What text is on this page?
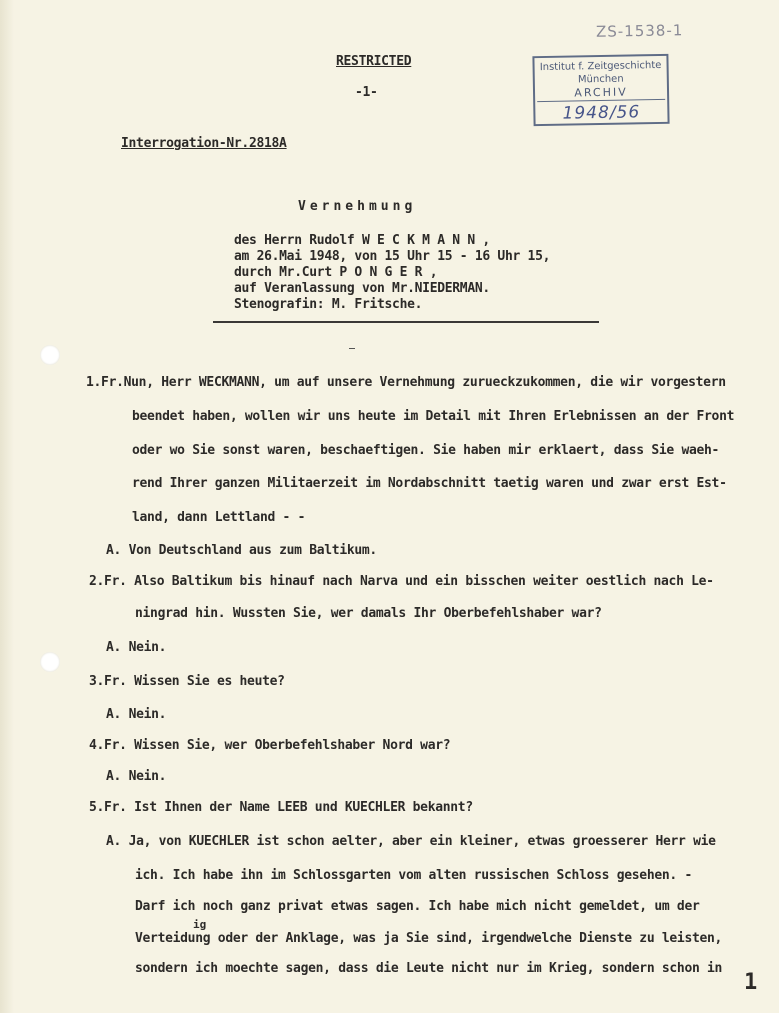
ZS-1538-1
Institut f. Zeitgeschichte
München
ARCHIV
1948/56
RESTRICTED
-1-
Interrogation-Nr.2818A
Vernehmung
des Herrn Rudolf W E C K M A N N ,
am 26.Mai 1948, von 15 Uhr 15 - 16 Uhr 15,
durch Mr.Curt P O N G E R ,
auf Veranlassung von Mr.NIEDERMAN.
Stenografin: M. Fritsche.
1.Fr.Nun, Herr WECKMANN, um auf unsere Vernehmung zurueckzukommen, die wir vorgestern
beendet haben, wollen wir uns heute im Detail mit Ihren Erlebnissen an der Front
oder wo Sie sonst waren, beschaeftigen. Sie haben mir erklaert, dass Sie waeh-
rend Ihrer ganzen Militaerzeit im Nordabschnitt taetig waren und zwar erst Est-
land, dann Lettland - -
A. Von Deutschland aus zum Baltikum.
2.Fr. Also Baltikum bis hinauf nach Narva und ein bisschen weiter oestlich nach Le-
ningrad hin. Wussten Sie, wer damals Ihr Oberbefehlshaber war?
A. Nein.
3.Fr. Wissen Sie es heute?
A. Nein.
4.Fr. Wissen Sie, wer Oberbefehlshaber Nord war?
A. Nein.
5.Fr. Ist Ihnen der Name LEEB und KUECHLER bekannt?
A. Ja, von KUECHLER ist schon aelter, aber ein kleiner, etwas groesserer Herr wie
ich. Ich habe ihn im Schlossgarten vom alten russischen Schloss gesehen. -
Darf ich noch ganz privat etwas sagen. Ich habe mich nicht gemeldet, um der
ig
Verteidung oder der Anklage, was ja Sie sind, irgendwelche Dienste zu leisten,
sondern ich moechte sagen, dass die Leute nicht nur im Krieg, sondern schon in
1
